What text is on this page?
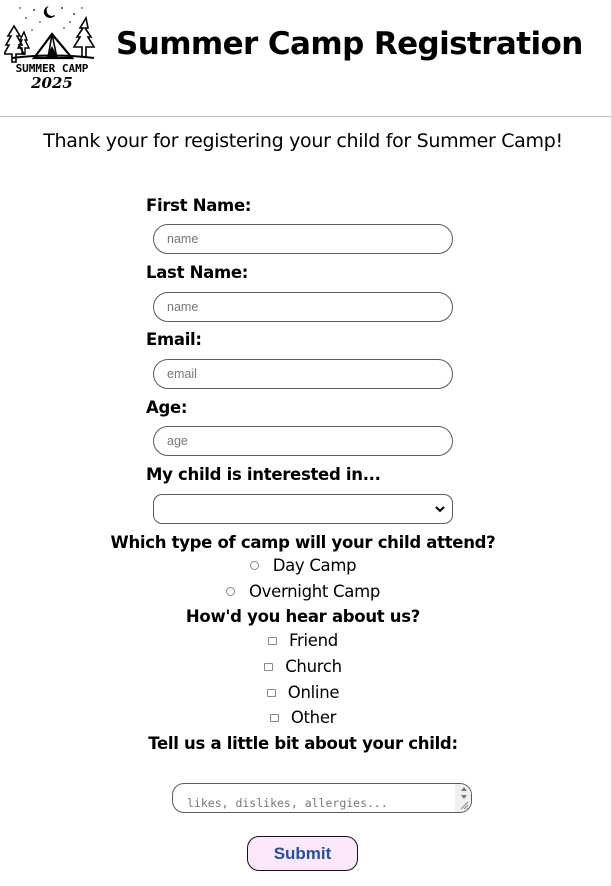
SUMMER CAMP
2025
Summer Camp Registration
Thank your for registering your child for Summer Camp!
First Name:
name
Last Name:
name
Email:
email
Age:
age
My child is interested in...
Which type of camp will your child attend?
Day Camp
Overnight Camp
How'd you hear about us?
Friend
Church
Online
Other
Tell us a little bit about your child:
likes, dislikes, allergies...
Submit
